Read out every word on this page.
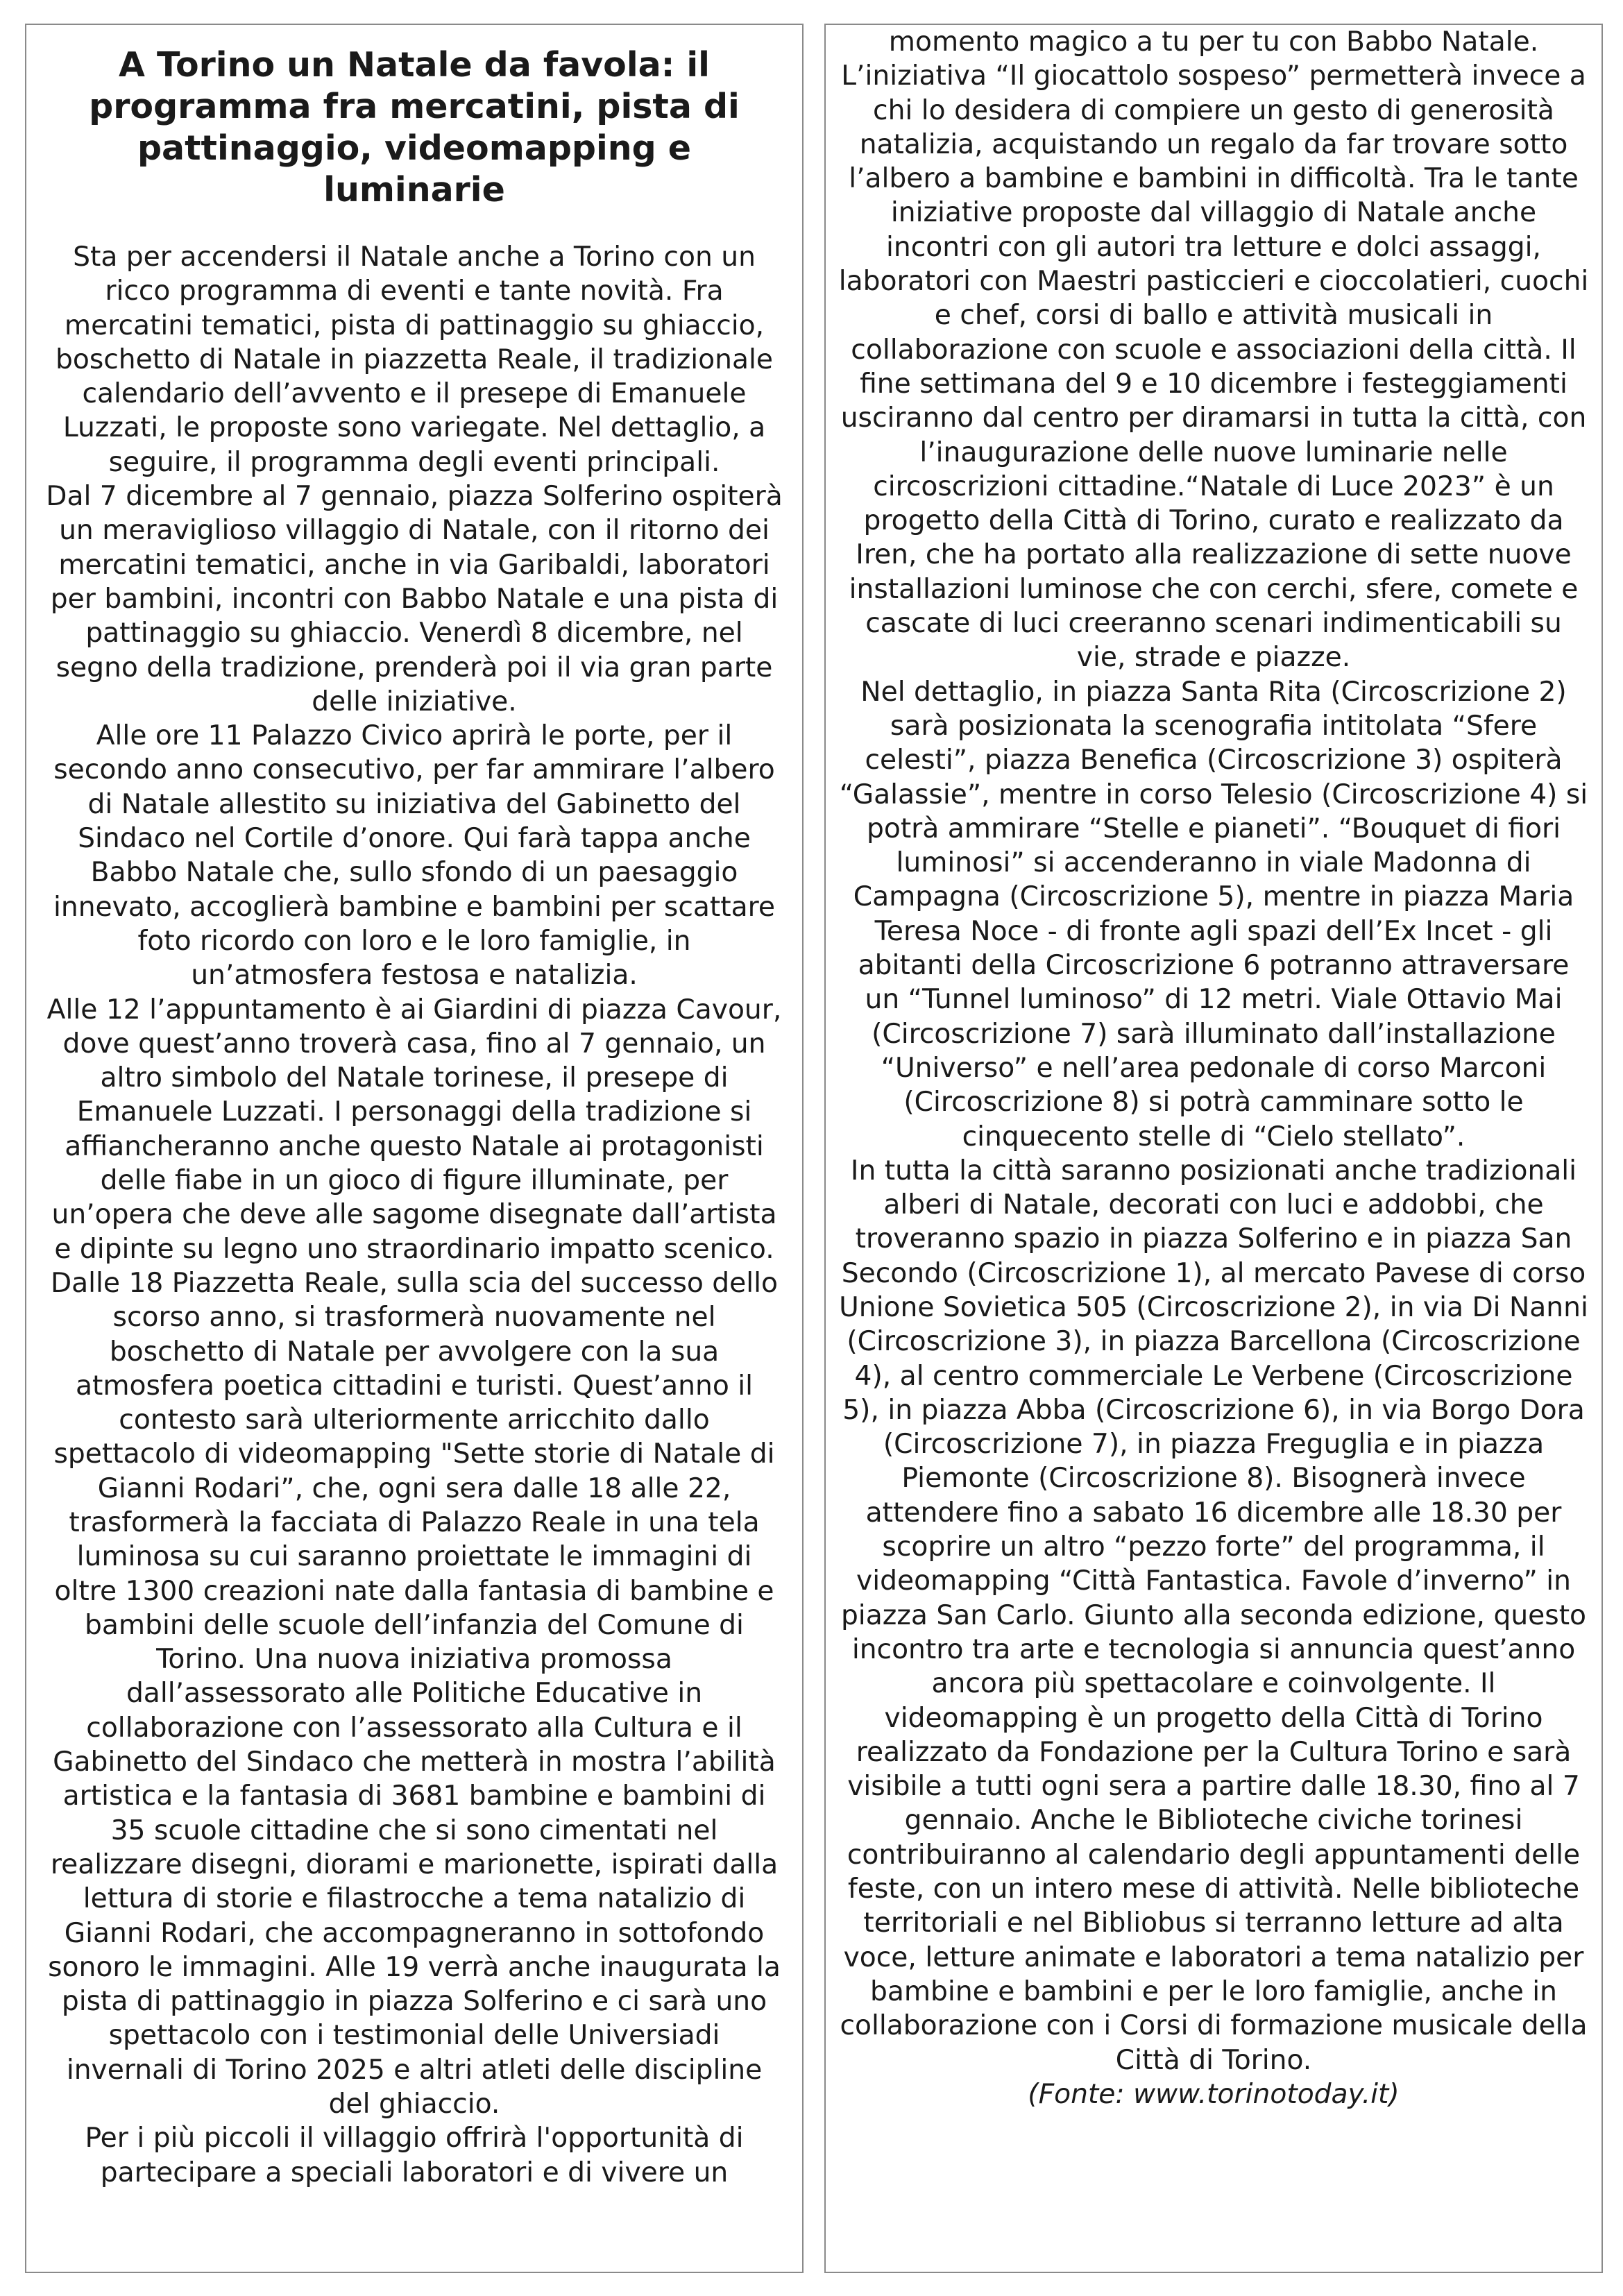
A Torino un Natale da favola: il programma fra mercatini, pista di pattinaggio, videomapping e luminarie

Sta per accendersi il Natale anche a Torino con un ricco programma di eventi e tante novità. Fra mercatini tematici, pista di pattinaggio su ghiaccio, boschetto di Natale in piazzetta Reale, il tradizionale calendario dell’avvento e il presepe di Emanuele Luzzati, le proposte sono variegate. Nel dettaglio, a seguire, il programma degli eventi principali.

Dal 7 dicembre al 7 gennaio, piazza Solferino ospiterà un meraviglioso villaggio di Natale, con il ritorno dei mercatini tematici, anche in via Garibaldi, laboratori per bambini, incontri con Babbo Natale e una pista di pattinaggio su ghiaccio. Venerdì 8 dicembre, nel segno della tradizione, prenderà poi il via gran parte delle iniziative.

Alle ore 11 Palazzo Civico aprirà le porte, per il secondo anno consecutivo, per far ammirare l’albero di Natale allestito su iniziativa del Gabinetto del Sindaco nel Cortile d’onore. Qui farà tappa anche Babbo Natale che, sullo sfondo di un paesaggio innevato, accoglierà bambine e bambini per scattare foto ricordo con loro e le loro famiglie, in un’atmosfera festosa e natalizia.

Alle 12 l’appuntamento è ai Giardini di piazza Cavour, dove quest’anno troverà casa, fino al 7 gennaio, un altro simbolo del Natale torinese, il presepe di Emanuele Luzzati. I personaggi della tradizione si affiancheranno anche questo Natale ai protagonisti delle fiabe in un gioco di figure illuminate, per un’opera che deve alle sagome disegnate dall’artista e dipinte su legno uno straordinario impatto scenico.

Dalle 18 Piazzetta Reale, sulla scia del successo dello scorso anno, si trasformerà nuovamente nel boschetto di Natale per avvolgere con la sua atmosfera poetica cittadini e turisti. Quest’anno il contesto sarà ulteriormente arricchito dallo spettacolo di videomapping "Sette storie di Natale di Gianni Rodari”, che, ogni sera dalle 18 alle 22, trasformerà la facciata di Palazzo Reale in una tela luminosa su cui saranno proiettate le immagini di oltre 1300 creazioni nate dalla fantasia di bambine e bambini delle scuole dell’infanzia del Comune di Torino. Una nuova iniziativa promossa dall’assessorato alle Politiche Educative in collaborazione con l’assessorato alla Cultura e il Gabinetto del Sindaco che metterà in mostra l’abilità artistica e la fantasia di 3681 bambine e bambini di 35 scuole cittadine che si sono cimentati nel realizzare disegni, diorami e marionette, ispirati dalla lettura di storie e filastrocche a tema natalizio di Gianni Rodari, che accompagneranno in sottofondo sonoro le immagini. Alle 19 verrà anche inaugurata la pista di pattinaggio in piazza Solferino e ci sarà uno spettacolo con i testimonial delle Universiadi invernali di Torino 2025 e altri atleti delle discipline del ghiaccio.

Per i più piccoli il villaggio offrirà l'opportunità di partecipare a speciali laboratori e di vivere un

momento magico a tu per tu con Babbo Natale. L’iniziativa “Il giocattolo sospeso” permetterà invece a chi lo desidera di compiere un gesto di generosità natalizia, acquistando un regalo da far trovare sotto l’albero a bambine e bambini in difficoltà. Tra le tante iniziative proposte dal villaggio di Natale anche incontri con gli autori tra letture e dolci assaggi, laboratori con Maestri pasticcieri e cioccolatieri, cuochi e chef, corsi di ballo e attività musicali in collaborazione con scuole e associazioni della città. Il fine settimana del 9 e 10 dicembre i festeggiamenti usciranno dal centro per diramarsi in tutta la città, con l’inaugurazione delle nuove luminarie nelle circoscrizioni cittadine.“Natale di Luce 2023” è un progetto della Città di Torino, curato e realizzato da Iren, che ha portato alla realizzazione di sette nuove installazioni luminose che con cerchi, sfere, comete e cascate di luci creeranno scenari indimenticabili su vie, strade e piazze.

Nel dettaglio, in piazza Santa Rita (Circoscrizione 2) sarà posizionata la scenografia intitolata “Sfere celesti”, piazza Benefica (Circoscrizione 3) ospiterà “Galassie”, mentre in corso Telesio (Circoscrizione 4) si potrà ammirare “Stelle e pianeti”. “Bouquet di fiori luminosi” si accenderanno in viale Madonna di Campagna (Circoscrizione 5), mentre in piazza Maria Teresa Noce - di fronte agli spazi dell’Ex Incet - gli abitanti della Circoscrizione 6 potranno attraversare un “Tunnel luminoso” di 12 metri. Viale Ottavio Mai (Circoscrizione 7) sarà illuminato dall’installazione “Universo” e nell’area pedonale di corso Marconi (Circoscrizione 8) si potrà camminare sotto le cinquecento stelle di “Cielo stellato”.

In tutta la città saranno posizionati anche tradizionali alberi di Natale, decorati con luci e addobbi, che troveranno spazio in piazza Solferino e in piazza San Secondo (Circoscrizione 1), al mercato Pavese di corso Unione Sovietica 505 (Circoscrizione 2), in via Di Nanni (Circoscrizione 3), in piazza Barcellona (Circoscrizione 4), al centro commerciale Le Verbene (Circoscrizione 5), in piazza Abba (Circoscrizione 6), in via Borgo Dora (Circoscrizione 7), in piazza Freguglia e in piazza Piemonte (Circoscrizione 8). Bisognerà invece attendere fino a sabato 16 dicembre alle 18.30 per scoprire un altro “pezzo forte” del programma, il videomapping “Città Fantastica. Favole d’inverno” in piazza San Carlo. Giunto alla seconda edizione, questo incontro tra arte e tecnologia si annuncia quest’anno ancora più spettacolare e coinvolgente. Il videomapping è un progetto della Città di Torino realizzato da Fondazione per la Cultura Torino e sarà visibile a tutti ogni sera a partire dalle 18.30, fino al 7 gennaio. Anche le Biblioteche civiche torinesi contribuiranno al calendario degli appuntamenti delle feste, con un intero mese di attività. Nelle biblioteche territoriali e nel Bibliobus si terranno letture ad alta voce, letture animate e laboratori a tema natalizio per bambine e bambini e per le loro famiglie, anche in collaborazione con i Corsi di formazione musicale della Città di Torino.

(Fonte: www.torinotoday.it)
